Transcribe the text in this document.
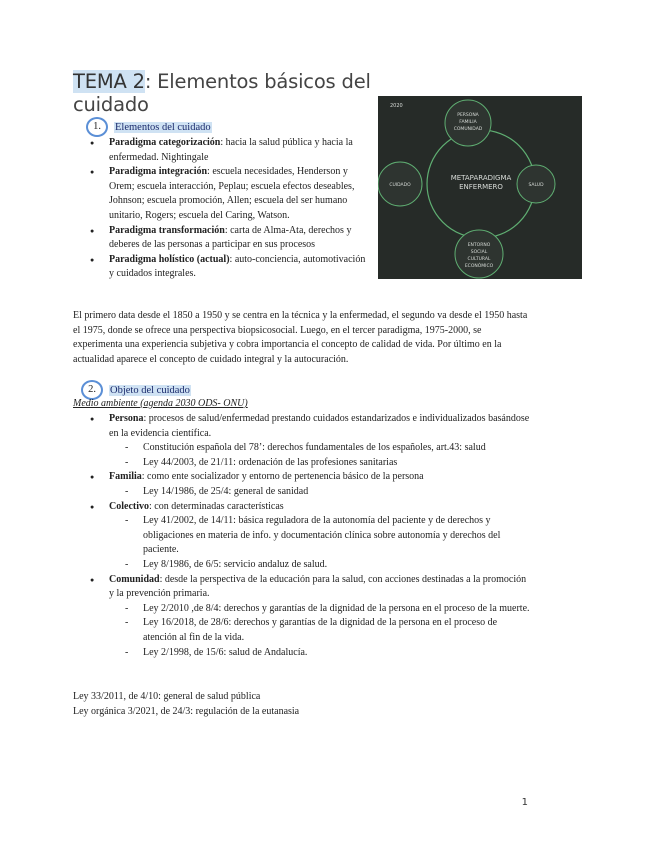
TEMA 2: Elementos básicos del cuidado
1.	Elementos del cuidado
● Paradigma categorización: hacia la salud pública y hacia la enfermedad. Nightingale
● Paradigma integración: escuela necesidades, Henderson y Orem; escuela interacción, Peplau; escuela efectos deseables, Johnson; escuela promoción, Allen; escuela del ser humano unitario, Rogers; escuela del Caring, Watson.
● Paradigma transformación: carta de Alma-Ata, derechos y deberes de las personas a participar en sus procesos
● Paradigma holístico (actual): auto-conciencia, automotivación y cuidados integrales.
2020
METAPARADIGMA
ENFERMERO
PERSONA
FAMILIA
COMUNIDAD
CUIDADO	SALUD
ENTORNO
SOCIAL
CULTURAL
ECONÓMICO
El primero data desde el 1850 a 1950 y se centra en la técnica y la enfermedad, el segundo va desde el 1950 hasta el 1975, donde se ofrece una perspectiva biopsicosocial. Luego, en el tercer paradigma, 1975-2000, se experimenta una experiencia subjetiva y cobra importancia el concepto de calidad de vida. Por último en la actualidad aparece el concepto de cuidado integral y la autocuración.
2.	Objeto del cuidado
Medio ambiente (agenda 2030 ODS- ONU)
● Persona: procesos de salud/enfermedad prestando cuidados estandarizados e individualizados basándose en la evidencia científica.
- Constitución española del 78’: derechos fundamentales de los españoles, art.43: salud
- Ley 44/2003, de 21/11: ordenación de las profesiones sanitarias
● Familia: como ente socializador y entorno de pertenencia básico de la persona
- Ley 14/1986, de 25/4: general de sanidad
● Colectivo: con determinadas características
- Ley 41/2002, de 14/11: básica reguladora de la autonomía del paciente y de derechos y obligaciones en materia de info. y documentación clínica sobre autonomía y derechos del paciente.
- Ley 8/1986, de 6/5: servicio andaluz de salud.
● Comunidad: desde la perspectiva de la educación para la salud, con acciones destinadas a la promoción y la prevención primaria.
- Ley 2/2010 ,de 8/4: derechos y garantías de la dignidad de la persona en el proceso de la muerte.
- Ley 16/2018, de 28/6: derechos y garantías de la dignidad de la persona en el proceso de atención al fin de la vida.
- Ley 2/1998, de 15/6: salud de Andalucía.
Ley 33/2011, de 4/10: general de salud pública
Ley orgánica 3/2021, de 24/3: regulación de la eutanasia
1
